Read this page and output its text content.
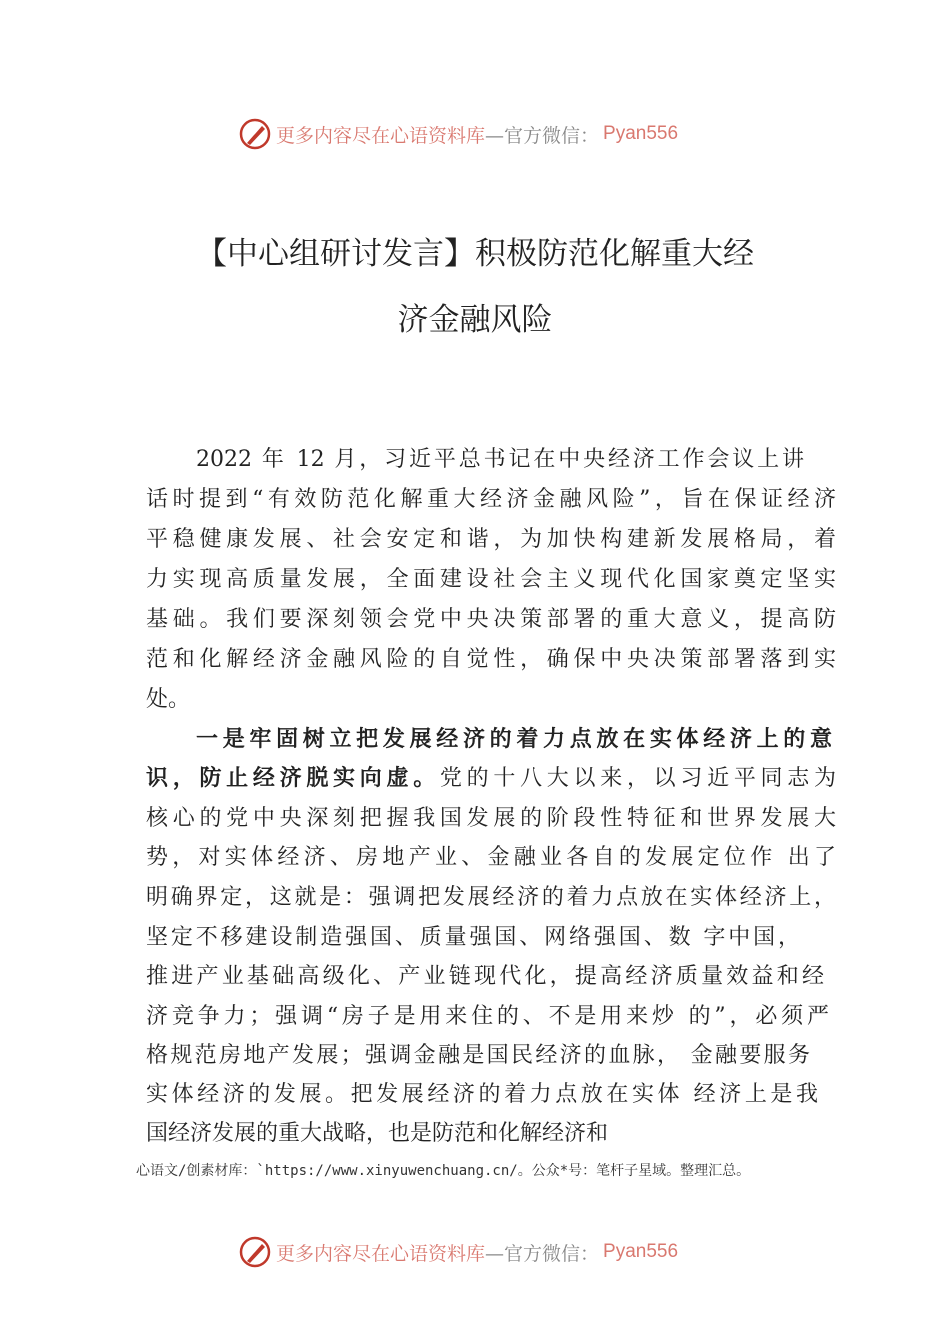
更多内容尽在心语资料库 —官方微信： Pyan556
【中心组研讨发言】积极防范化解重大经
济金融风险
2022 年 12 月，习近平总书记在中央经济工作会议上讲
话时提到“有效防范化解重大经济金融风险”，旨在保证经济
平稳健康发展、社会安定和谐，为加快构建新发展格局，着
力实现高质量发展，全面建设社会主义现代化国家奠定坚实
基础。我们要深刻领会党中央决策部署的重大意义，提高防
范和化解经济金融风险的自觉性，确保中央决策部署落到实
处。
一是牢固树立把发展经济的着力点放在实体经济上的意
识，防止经济脱实向虚。党的十八大以来，以习近平同志为
核心的党中央深刻把握我国发展的阶段性特征和世界发展大
势，对实体经济、房地产业、金融业各自的发展定位作 出了
明确界定，这就是：强调把发展经济的着力点放在实体经济上，
坚定不移建设制造强国、质量强国、网络强国、数 字中国，
推进产业基础高级化、产业链现代化，提高经济质量效益和经
济竞争力；强调“房子是用来住的、不是用来炒 的”，必须严
格规范房地产发展；强调金融是国民经济的血脉， 金融要服务
实体经济的发展。把发展经济的着力点放在实体 经济上是我
国经济发展的重大战略，也是防范和化解经济和
心语文/创素材库：`https://www.xinyuwenchuang.cn/。公众*号：笔杆子星域。整理汇总。
更多内容尽在心语资料库 —官方微信： Pyan556
